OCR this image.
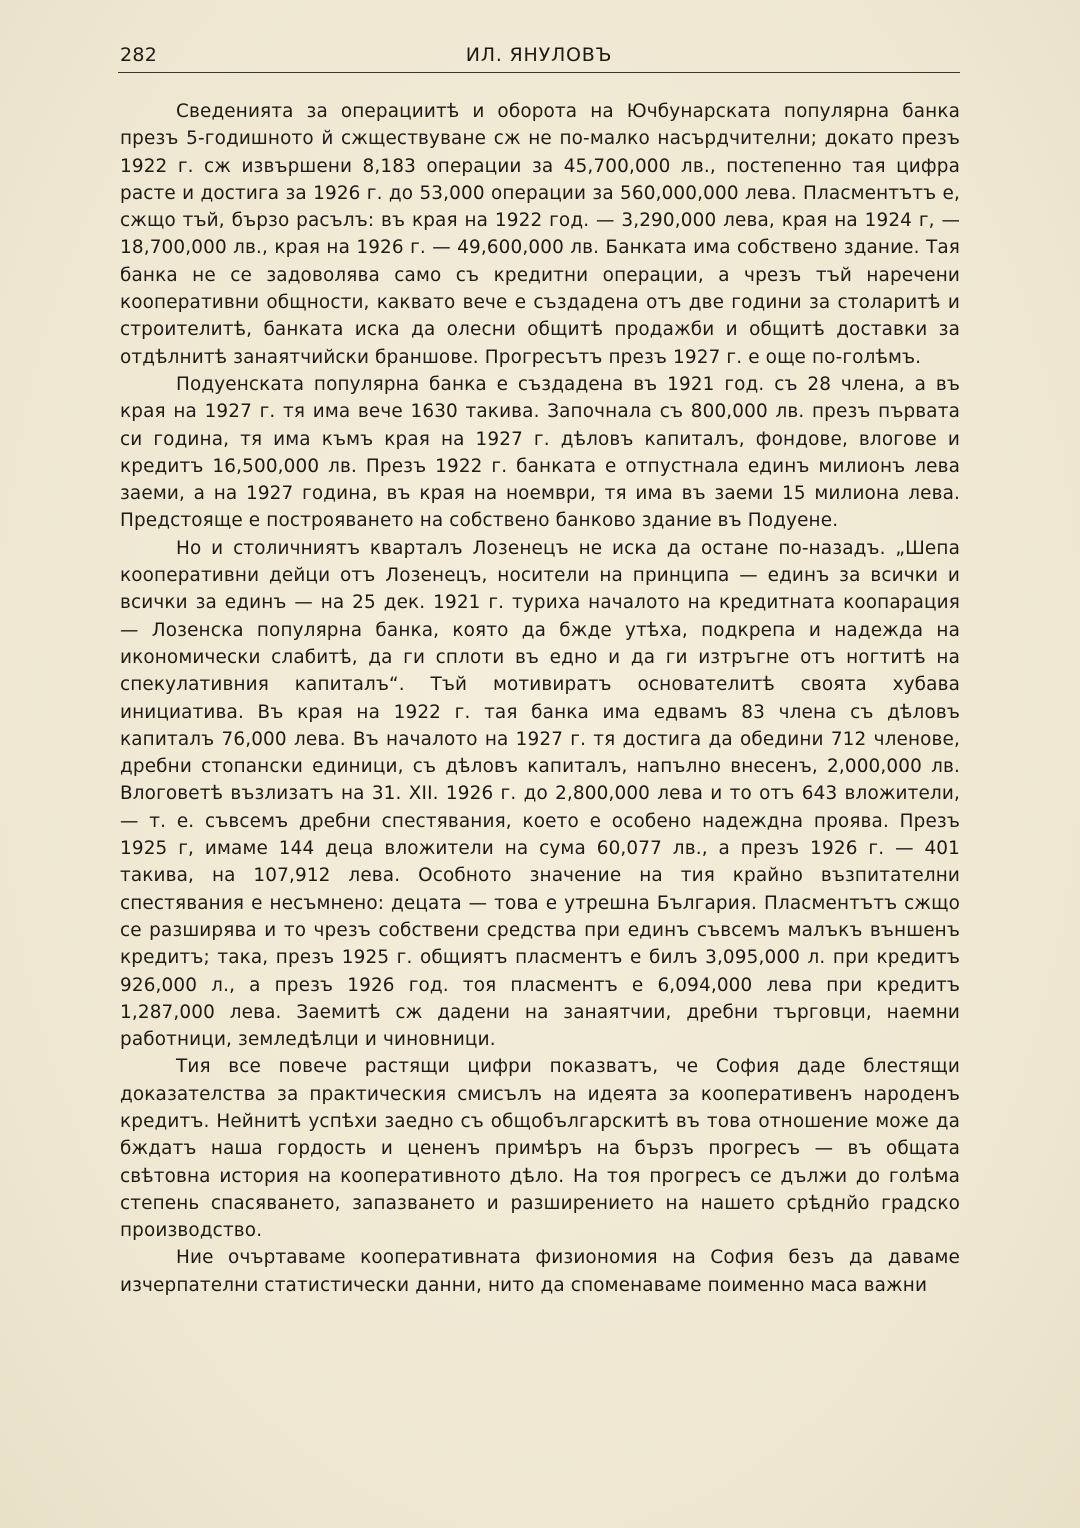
282	ИЛ. ЯНУЛОВЪ

Сведенията за операциитѣ и оборота на Ючбунарската популярна банка презъ 5-годишното й сжществуване сж не по-малко насърдчителни; докато презъ 1922 г. сж извършени 8,183 операции за 45,700,000 лв., постепенно тая цифра расте и достига за 1926 г. до 53,000 операции за 560,000,000 лева. Пласментътъ е, сжщо тъй, бързо расълъ: въ края на 1922 год. — 3,290,000 лева, края на 1924 г, — 18,700,000 лв., края на 1926 г. — 49,600,000 лв. Банката има собствено здание. Тая банка не се задоволява само съ кредитни операции, а чрезъ тъй наречени кооперативни общности, каквато вече е създадена отъ две години за столаритѣ и строителитѣ, банката иска да олесни общитѣ продажби и общитѣ доставки за отдѣлнитѣ занаятчийски браншове. Прогресътъ презъ 1927 г. е още по-голѣмъ.

Подуенската популярна банка е създадена въ 1921 год. съ 28 члена, а въ края на 1927 г. тя има вече 1630 такива. Започнала съ 800,000 лв. презъ първата си година, тя има къмъ края на 1927 г. дѣловъ капиталъ, фондове, влогове и кредитъ 16,500,000 лв. Презъ 1922 г. банката е отпустнала единъ милионъ лева заеми, а на 1927 година, въ края на ноември, тя има въ заеми 15 милиона лева. Предстояще е построяването на собствено банково здание въ Подуене.

Но и столичниятъ кварталъ Лозенецъ не иска да остане по-назадъ. „Шепа кооперативни дейци отъ Лозенецъ, носители на принципа — единъ за всички и всички за единъ — на 25 дек. 1921 г. туриха началото на кредитната коопарация — Лозенска популярна банка, която да бжде утѣха, подкрепа и надежда на икономически слабитѣ, да ги сплоти въ едно и да ги изтръгне отъ ногтитѣ на спекулативния капиталъ“. Тъй мотивиратъ основателитѣ своята хубава инициатива. Въ края на 1922 г. тая банка има едвамъ 83 члена съ дѣловъ капиталъ 76,000 лева. Въ началото на 1927 г. тя достига да обедини 712 членове, дребни стопански единици, съ дѣловъ капиталъ, напълно внесенъ, 2,000,000 лв. Влоговетѣ възлизатъ на 31. XII. 1926 г. до 2,800,000 лева и то отъ 643 вложители, — т. е. съвсемъ дребни спестявания, което е особено надеждна проява. Презъ 1925 г, имаме 144 деца вложители на сума 60,077 лв., а презъ 1926 г. — 401 такива, на 107,912 лева. Особното значение на тия крайно възпитателни спестявания е несъмнено: децата — това е утрешна България. Пласментътъ сжщо се разширява и то чрезъ собствени средства при единъ съвсемъ малъкъ външенъ кредитъ; така, презъ 1925 г. общиятъ пласментъ е билъ 3,095,000 л. при кредитъ 926,000 л., а презъ 1926 год. тоя пласментъ е 6,094,000 лева при кредитъ 1,287,000 лева. Заемитѣ сж дадени на занаятчии, дребни търговци, наемни работници, земледѣлци и чиновници.

Тия все повече растящи цифри показватъ, че София даде блестящи доказателства за практическия смисълъ на идеята за кооперативенъ народенъ кредитъ. Нейнитѣ успѣхи заедно съ общобългарскитѣ въ това отношение може да бждатъ наша гордость и цененъ примѣръ на бързъ прогресъ — въ общата свѣтовна история на кооперативното дѣло. На тоя прогресъ се дължи до голѣма степень спасяването, запазването и разширението на нашето срѣднйо градско производство.

Ние очъртаваме кооперативната физиономия на София безъ да даваме изчерпателни статистически данни, нито да споменаваме поименно маса важни
